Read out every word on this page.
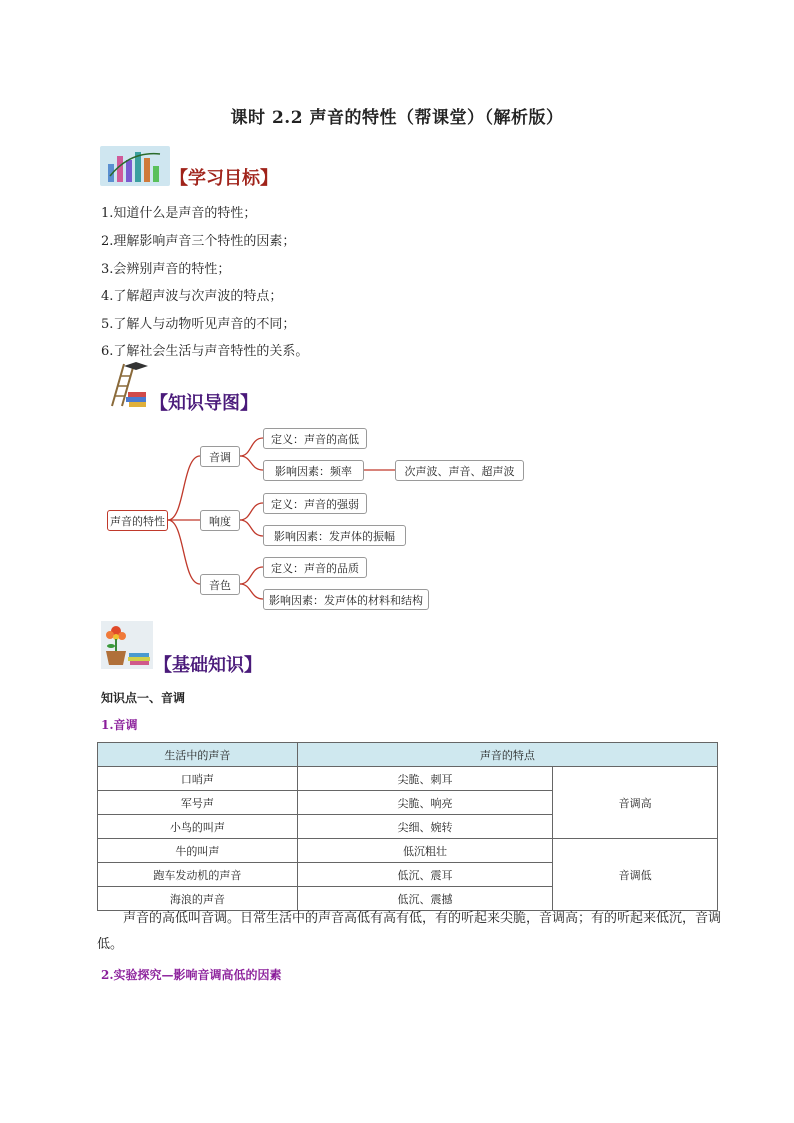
课时 2.2 声音的特性（帮课堂）（解析版）
【学习目标】
1.知道什么是声音的特性；
2.理解影响声音三个特性的因素；
3.会辨别声音的特性；
4.了解超声波与次声波的特点；
5.了解人与动物听见声音的不同；
6.了解社会生活与声音特性的关系。
【知识导图】
声音的特性
音调
响度
音色
定义：声音的高低
影响因素：频率	次声波、声音、超声波
定义：声音的强弱
影响因素：发声体的振幅
定义：声音的品质
影响因素：发声体的材料和结构
【基础知识】
知识点一、音调
1.音调
生活中的声音	声音的特点	
口哨声	尖脆、刺耳	音调高
军号声	尖脆、响亮	
小鸟的叫声	尖细、婉转	
牛的叫声	低沉粗壮	音调低
跑车发动机的声音	低沉、震耳	
海浪的声音	低沉、震撼	
声音的高低叫音调。日常生活中的声音高低有高有低，有的听起来尖脆，音调高；有的听起来低沉，音调低。
2.实验探究—影响音调高低的因素
